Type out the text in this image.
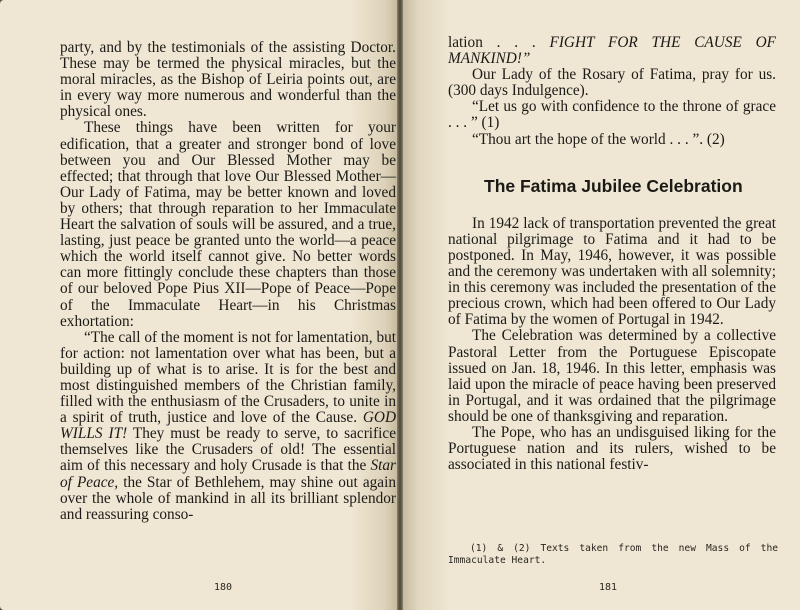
party, and by the testimonials of the assisting Doctor. These may be termed the physical miracles, but the moral miracles, as the Bishop of Leiria points out, are in every way more numerous and wonderful than the physical ones.

These things have been written for your edification, that a greater and stronger bond of love between you and Our Blessed Mother may be effected; that through that love Our Blessed Mother—Our Lady of Fatima, may be better known and loved by others; that through reparation to her Immaculate Heart the salvation of souls will be assured, and a true, lasting, just peace be granted unto the world—a peace which the world itself cannot give. No better words can more fittingly conclude these chapters than those of our beloved Pope Pius XII—Pope of Peace—Pope of the Immaculate Heart—in his Christmas exhortation:

“The call of the moment is not for lamentation, but for action: not lamentation over what has been, but a building up of what is to arise. It is for the best and most distinguished members of the Christian family, filled with the enthusiasm of the Crusaders, to unite in a spirit of truth, justice and love of the Cause. GOD WILLS IT! They must be ready to serve, to sacrifice themselves like the Crusaders of old! The essential aim of this necessary and holy Crusade is that the Star of Peace, the Star of Bethlehem, may shine out again over the whole of mankind in all its brilliant splendor and reassuring conso-

180

lation . . . FIGHT FOR THE CAUSE OF MANKIND!”

Our Lady of the Rosary of Fatima, pray for us. (300 days Indulgence).

“Let us go with confidence to the throne of grace . . . ” (1)

“Thou art the hope of the world . . . ”. (2)

The Fatima Jubilee Celebration

In 1942 lack of transportation prevented the great national pilgrimage to Fatima and it had to be postponed. In May, 1946, however, it was possible and the ceremony was undertaken with all solemnity; in this ceremony was included the presentation of the precious crown, which had been offered to Our Lady of Fatima by the women of Portugal in 1942.

The Celebration was determined by a collective Pastoral Letter from the Portuguese Episcopate issued on Jan. 18, 1946. In this letter, emphasis was laid upon the miracle of peace having been preserved in Portugal, and it was ordained that the pilgrimage should be one of thanksgiving and reparation.

The Pope, who has an undisguised liking for the Portuguese nation and its rulers, wished to be associated in this national festiv-

181
(1) & (2) Texts taken from the new Mass of the Immaculate Heart.
